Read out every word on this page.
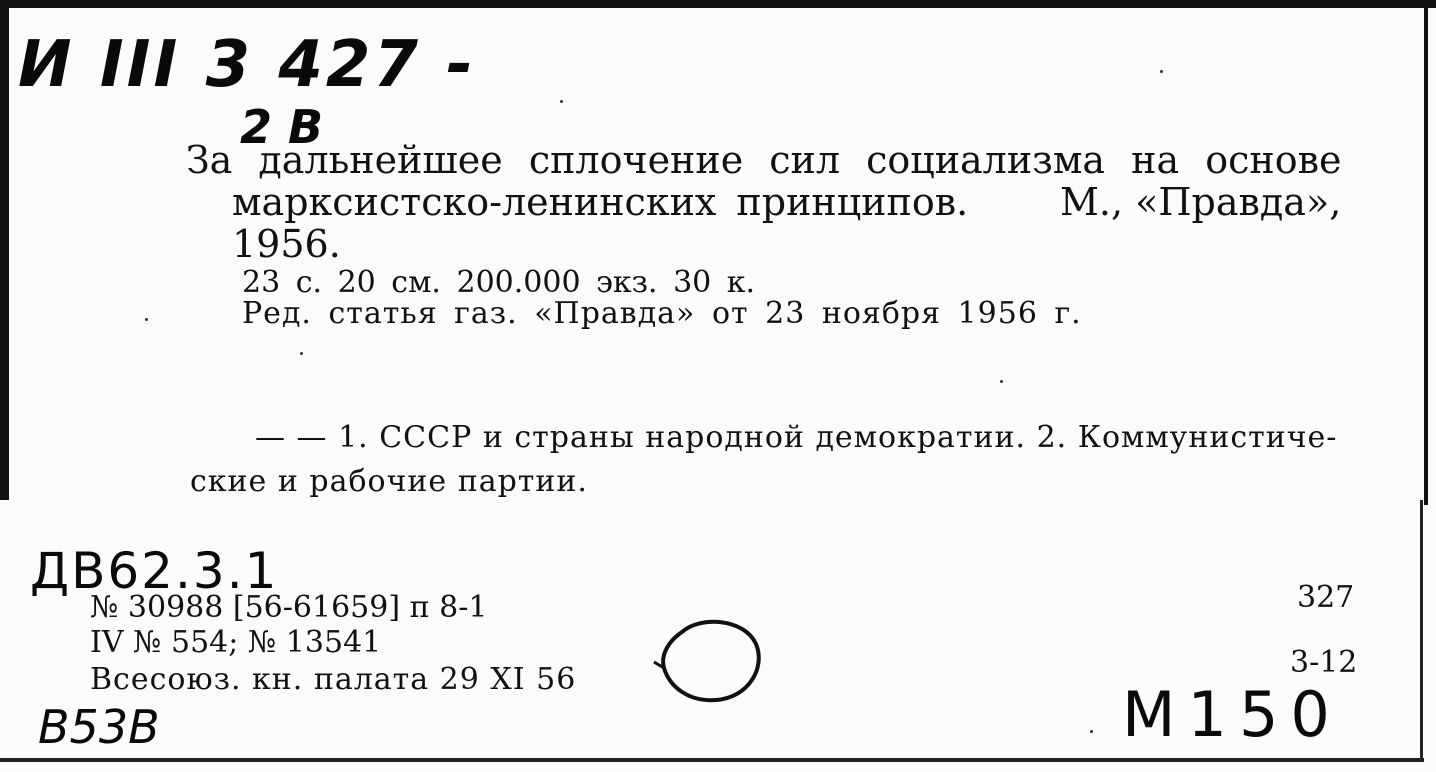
И III 3 427 -
2 В
За дальнейшее сплочение сил социализма на основе
марксистско-ленинских принципов. М., «Правда»,
1956.
23 с. 20 см. 200.000 экз. 30 к.
Ред. статья газ. «Правда» от 23 ноября 1956 г.
— — 1. СССР и страны народной демократии. 2. Коммунистиче-
ские и рабочие партии.
ДВ62.3.1
№ 30988 [56-61659] п 8-1
IV № 554; № 13541
Всесоюз. кн. палата 29 XI 56
В53В
327
3-12
М150
